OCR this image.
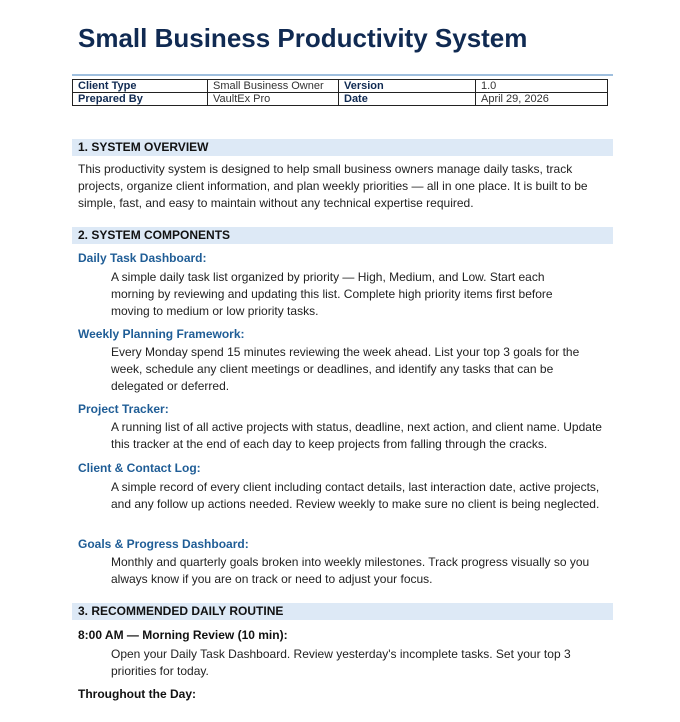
Small Business Productivity System
Client Type	Small Business Owner	Version	1.0
Prepared By	VaultEx Pro	Date	April 29, 2026
1. SYSTEM OVERVIEW

This productivity system is designed to help small business owners manage daily tasks, track projects, organize client information, and plan weekly priorities — all in one place. It is built to be simple, fast, and easy to maintain without any technical expertise required.

2. SYSTEM COMPONENTS
Daily Task Dashboard:

A simple daily task list organized by priority — High, Medium, and Low. Start each morning by reviewing and updating this list. Complete high priority items first before moving to medium or low priority tasks.

Weekly Planning Framework:

Every Monday spend 15 minutes reviewing the week ahead. List your top 3 goals for the week, schedule any client meetings or deadlines, and identify any tasks that can be delegated or deferred.

Project Tracker:

A running list of all active projects with status, deadline, next action, and client name. Update this tracker at the end of each day to keep projects from falling through the cracks.

Client & Contact Log:

A simple record of every client including contact details, last interaction date, active projects, and any follow up actions needed. Review weekly to make sure no client is being neglected.

Goals & Progress Dashboard:

Monthly and quarterly goals broken into weekly milestones. Track progress visually so you always know if you are on track or need to adjust your focus.

3. RECOMMENDED DAILY ROUTINE
8:00 AM — Morning Review (10 min):

Open your Daily Task Dashboard. Review yesterday's incomplete tasks. Set your top 3 priorities for today.

Throughout the Day:
